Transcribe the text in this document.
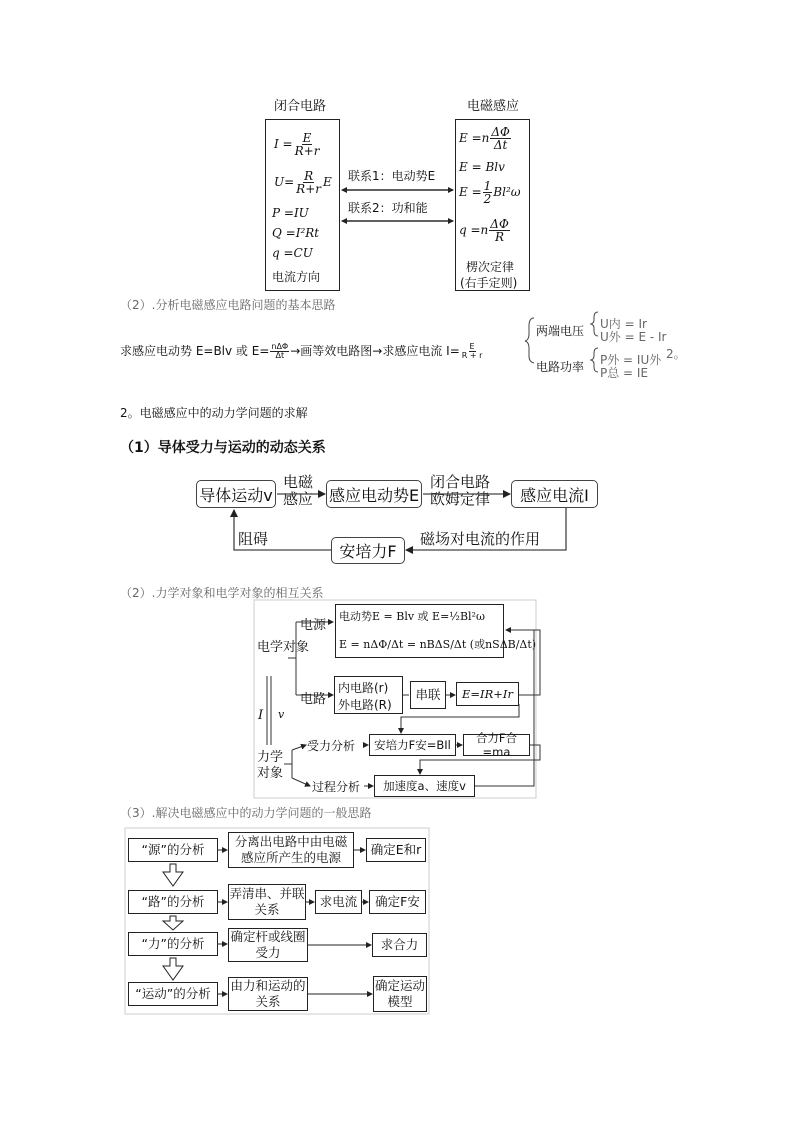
闭合电路	电磁感应
$I = \frac{E}{R+r}$
$U= \frac{R}{R+r}$ E
P =IU
Q =I²Rt
q =CU
电流方向
$E =n \frac{\Delta\Phi}{\Delta t}$
E = Blv
$E = \frac{1}{2} Bl^2\omega$
$q =n \frac{\Delta\Phi}{R}$
楞次定律
(右手定则)
联系1：电动势E
联系2：功和能
（2）.分析电磁感应电路问题的基本思路
求感应电动势 E=Blv 或 $E= \frac{\text{nΔΦ}}{\Delta t}$ →画等效电路图→求感应电流 $I= \frac{E}{R + r}$
两端电压 U内 = Ir
U外 = E - Ir
电路功率 P外 = IU外
P总 = IE
2。
2。电磁感应中的动力学问题的求解
（1）导体受力与运动的动态关系
导体运动v	感应电动势E	感应电流I
安培力F
电磁
感应
闭合电路
欧姆定律
磁场对电流的作用
阻碍
（2）.力学对象和电学对象的相互关系
电学对象
力学对象
电源
电路
I v
电动势E = Blv 或 E=½Bl²ω
E = nΔΦ/Δt = nBΔS/Δt (或nSΔB/Δt)
内电路(r)
外电路(R)
串联	E=IR+Ir
受力分析	安培力F安=BIl
合力F合=ma
过程分析	加速度a、速度v
（3）.解决电磁感应中的动力学问题的一般思路
“源”的分析
分离出电路中由电磁感应所产生的电源
确定E和r
“路”的分析
弄清串、并联关系
求电流	确定F安
“力”的分析	确定杆或线圈受力
求合力
“运动”的分析
由力和运动的关系
确定运动模型
